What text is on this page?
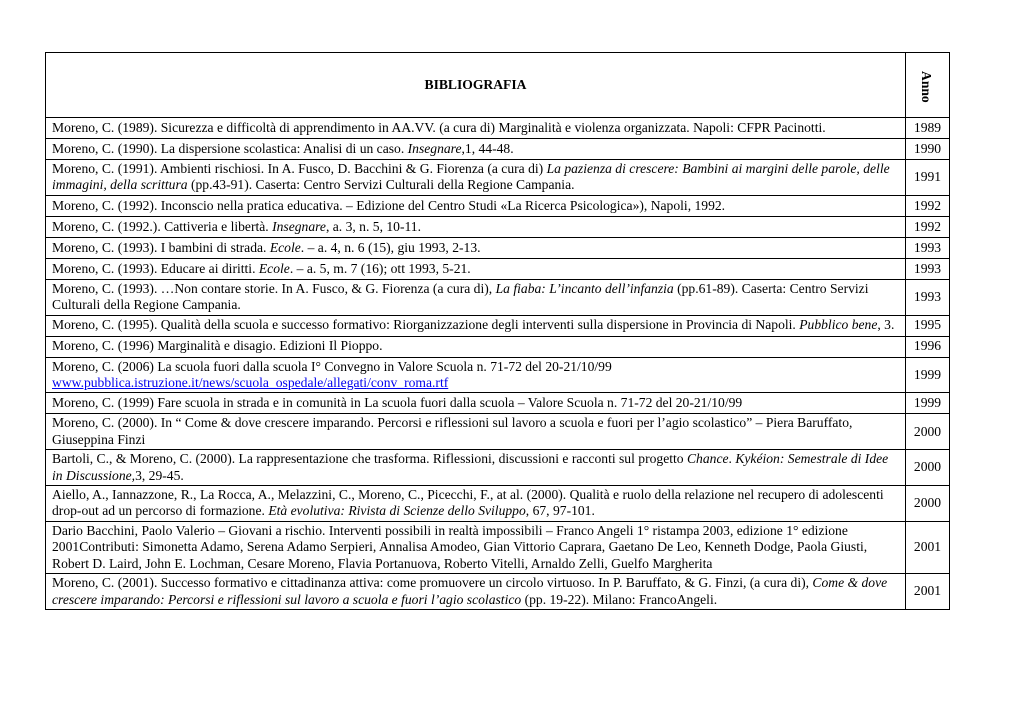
BIBLIOGRAFIA	Anno

Moreno, C. (1989). Sicurezza e difficoltà di apprendimento in AA.VV. (a cura di) Marginalità e violenza organizzata. Napoli: CFPR Pacinotti.	1989
Moreno, C. (1990). La dispersione scolastica: Analisi di un caso. Insegnare,1, 44-48.	1990
Moreno, C. (1991). Ambienti rischiosi. In A. Fusco, D. Bacchini & G. Fiorenza (a cura di) La pazienza di crescere: Bambini ai margini delle parole, delle immagini, della scrittura (pp.43-91). Caserta: Centro Servizi Culturali della Regione Campania.	1991
Moreno, C. (1992). Inconscio nella pratica educativa. – Edizione del Centro Studi «La Ricerca Psicologica»), Napoli, 1992.	1992
Moreno, C. (1992.). Cattiveria e libertà. Insegnare, a. 3, n. 5, 10-11.	1992
Moreno, C. (1993). I bambini di strada. Ecole. – a. 4, n. 6 (15), giu 1993, 2-13.	1993
Moreno, C. (1993). Educare ai diritti. Ecole. – a. 5, m. 7 (16); ott 1993, 5-21.	1993
Moreno, C. (1993). …Non contare storie. In A. Fusco, & G. Fiorenza (a cura di), La fiaba: L’incanto dell’infanzia (pp.61-89). Caserta: Centro Servizi Culturali della Regione Campania.	1993
Moreno, C. (1995). Qualità della scuola e successo formativo: Riorganizzazione degli interventi sulla dispersione in Provincia di Napoli. Pubblico bene, 3.	1995
Moreno, C. (1996) Marginalità e disagio. Edizioni Il Pioppo.	1996
Moreno, C. (2006) La scuola fuori dalla scuola I° Convegno in Valore Scuola n. 71-72 del 20-21/10/99 www.pubblica.istruzione.it/news/scuola_ospedale/allegati/conv_roma.rtf	1999
Moreno, C. (1999) Fare scuola in strada e in comunità in La scuola fuori dalla scuola – Valore Scuola n. 71-72 del 20-21/10/99	1999
Moreno, C. (2000). In “ Come & dove crescere imparando. Percorsi e riflessioni sul lavoro a scuola e fuori per l’agio scolastico” – Piera Baruffato, Giuseppina Finzi	2000
Bartoli, C., & Moreno, C. (2000). La rappresentazione che trasforma. Riflessioni, discussioni e racconti sul progetto Chance. Kykéion: Semestrale di Idee in Discussione,3, 29-45.	2000
Aiello, A., Iannazzone, R., La Rocca, A., Melazzini, C., Moreno, C., Picecchi, F., at al. (2000). Qualità e ruolo della relazione nel recupero di adolescenti drop-out ad un percorso di formazione. Età evolutiva: Rivista di Scienze dello Sviluppo, 67, 97-101.	2000
Dario Bacchini, Paolo Valerio – Giovani a rischio. Interventi possibili in realtà impossibili – Franco Angeli 1° ristampa 2003, edizione 1° edizione 2001Contributi: Simonetta Adamo, Serena Adamo Serpieri, Annalisa Amodeo, Gian Vittorio Caprara, Gaetano De Leo, Kenneth Dodge, Paola Giusti, Robert D. Laird, John E. Lochman, Cesare Moreno, Flavia Portanuova, Roberto Vitelli, Arnaldo Zelli, Guelfo Margherita	2001
Moreno, C. (2001). Successo formativo e cittadinanza attiva: come promuovere un circolo virtuoso. In P. Baruffato, & G. Finzi, (a cura di), Come & dove crescere imparando: Percorsi e riflessioni sul lavoro a scuola e fuori l’agio scolastico (pp. 19-22). Milano: FrancoAngeli.	2001
